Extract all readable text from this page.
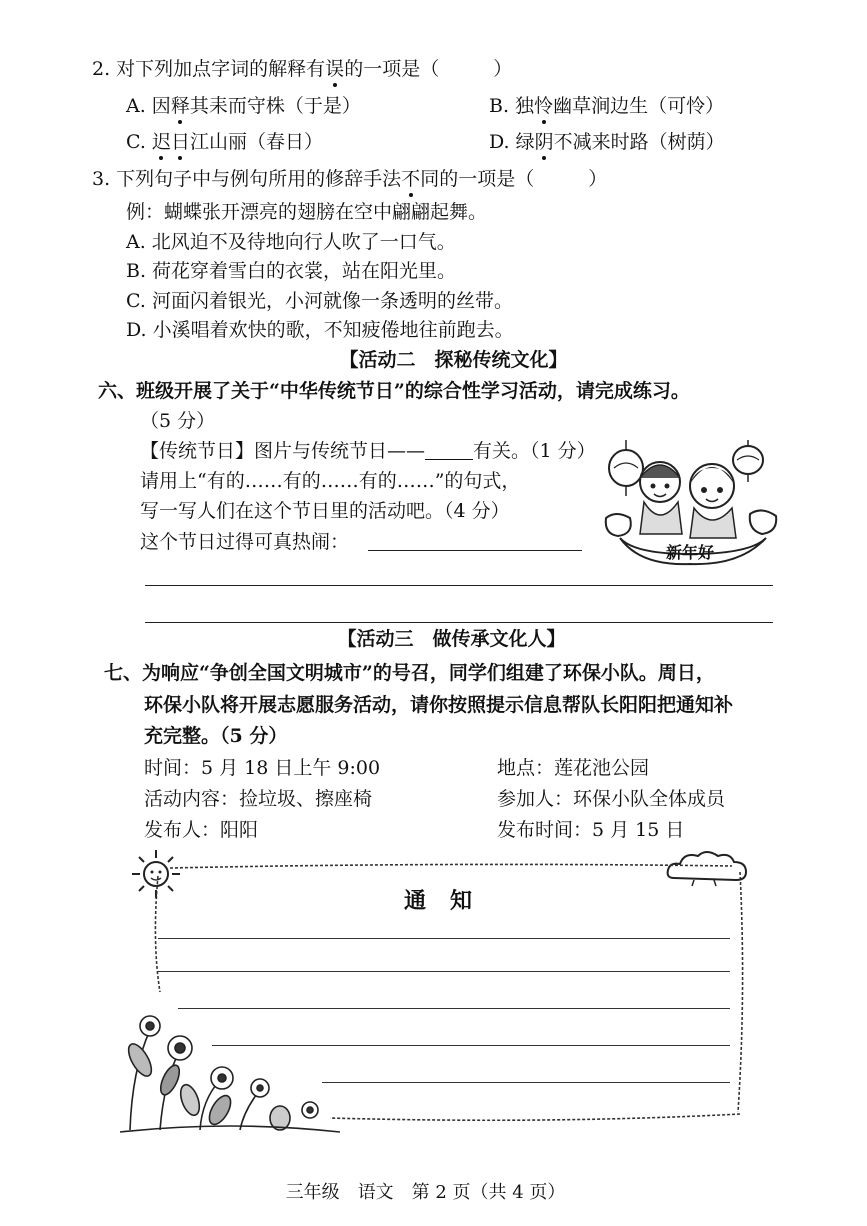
2. 对下列加点字词的解释有误的一项是（	）
A. 因释其耒而守株（于是）	B. 独怜幽草涧边生（可怜）
C. 迟日江山丽（春日）	D. 绿阴不减来时路（树荫）
3. 下列句子中与例句所用的修辞手法不同的一项是（	）
例：蝴蝶张开漂亮的翅膀在空中翩翩起舞。
A. 北风迫不及待地向行人吹了一口气。
B. 荷花穿着雪白的衣裳，站在阳光里。
C. 河面闪着银光，小河就像一条透明的丝带。
D. 小溪唱着欢快的歌，不知疲倦地往前跑去。
【活动二　探秘传统文化】
六、班级开展了关于“中华传统节日”的综合性学习活动，请完成练习。
（5 分）
【传统节日】图片与传统节日——	有关。（1 分）
请用上“有的……有的……有的……”的句式，
写一写人们在这个节日里的活动吧。（4 分）
这个节日过得可真热闹：	新年好
【活动三　做传承文化人】
七、为响应“争创全国文明城市”的号召，同学们组建了环保小队。周日，
环保小队将开展志愿服务活动，请你按照提示信息帮队长阳阳把通知补
充完整。（5 分）
时间：5 月 18 日上午 9:00	地点：莲花池公园
活动内容：捡垃圾、擦座椅	参加人：环保小队全体成员
发布人：阳阳	发布时间：5 月 15 日
通知
三年级　语文　第 2 页（共 4 页）
